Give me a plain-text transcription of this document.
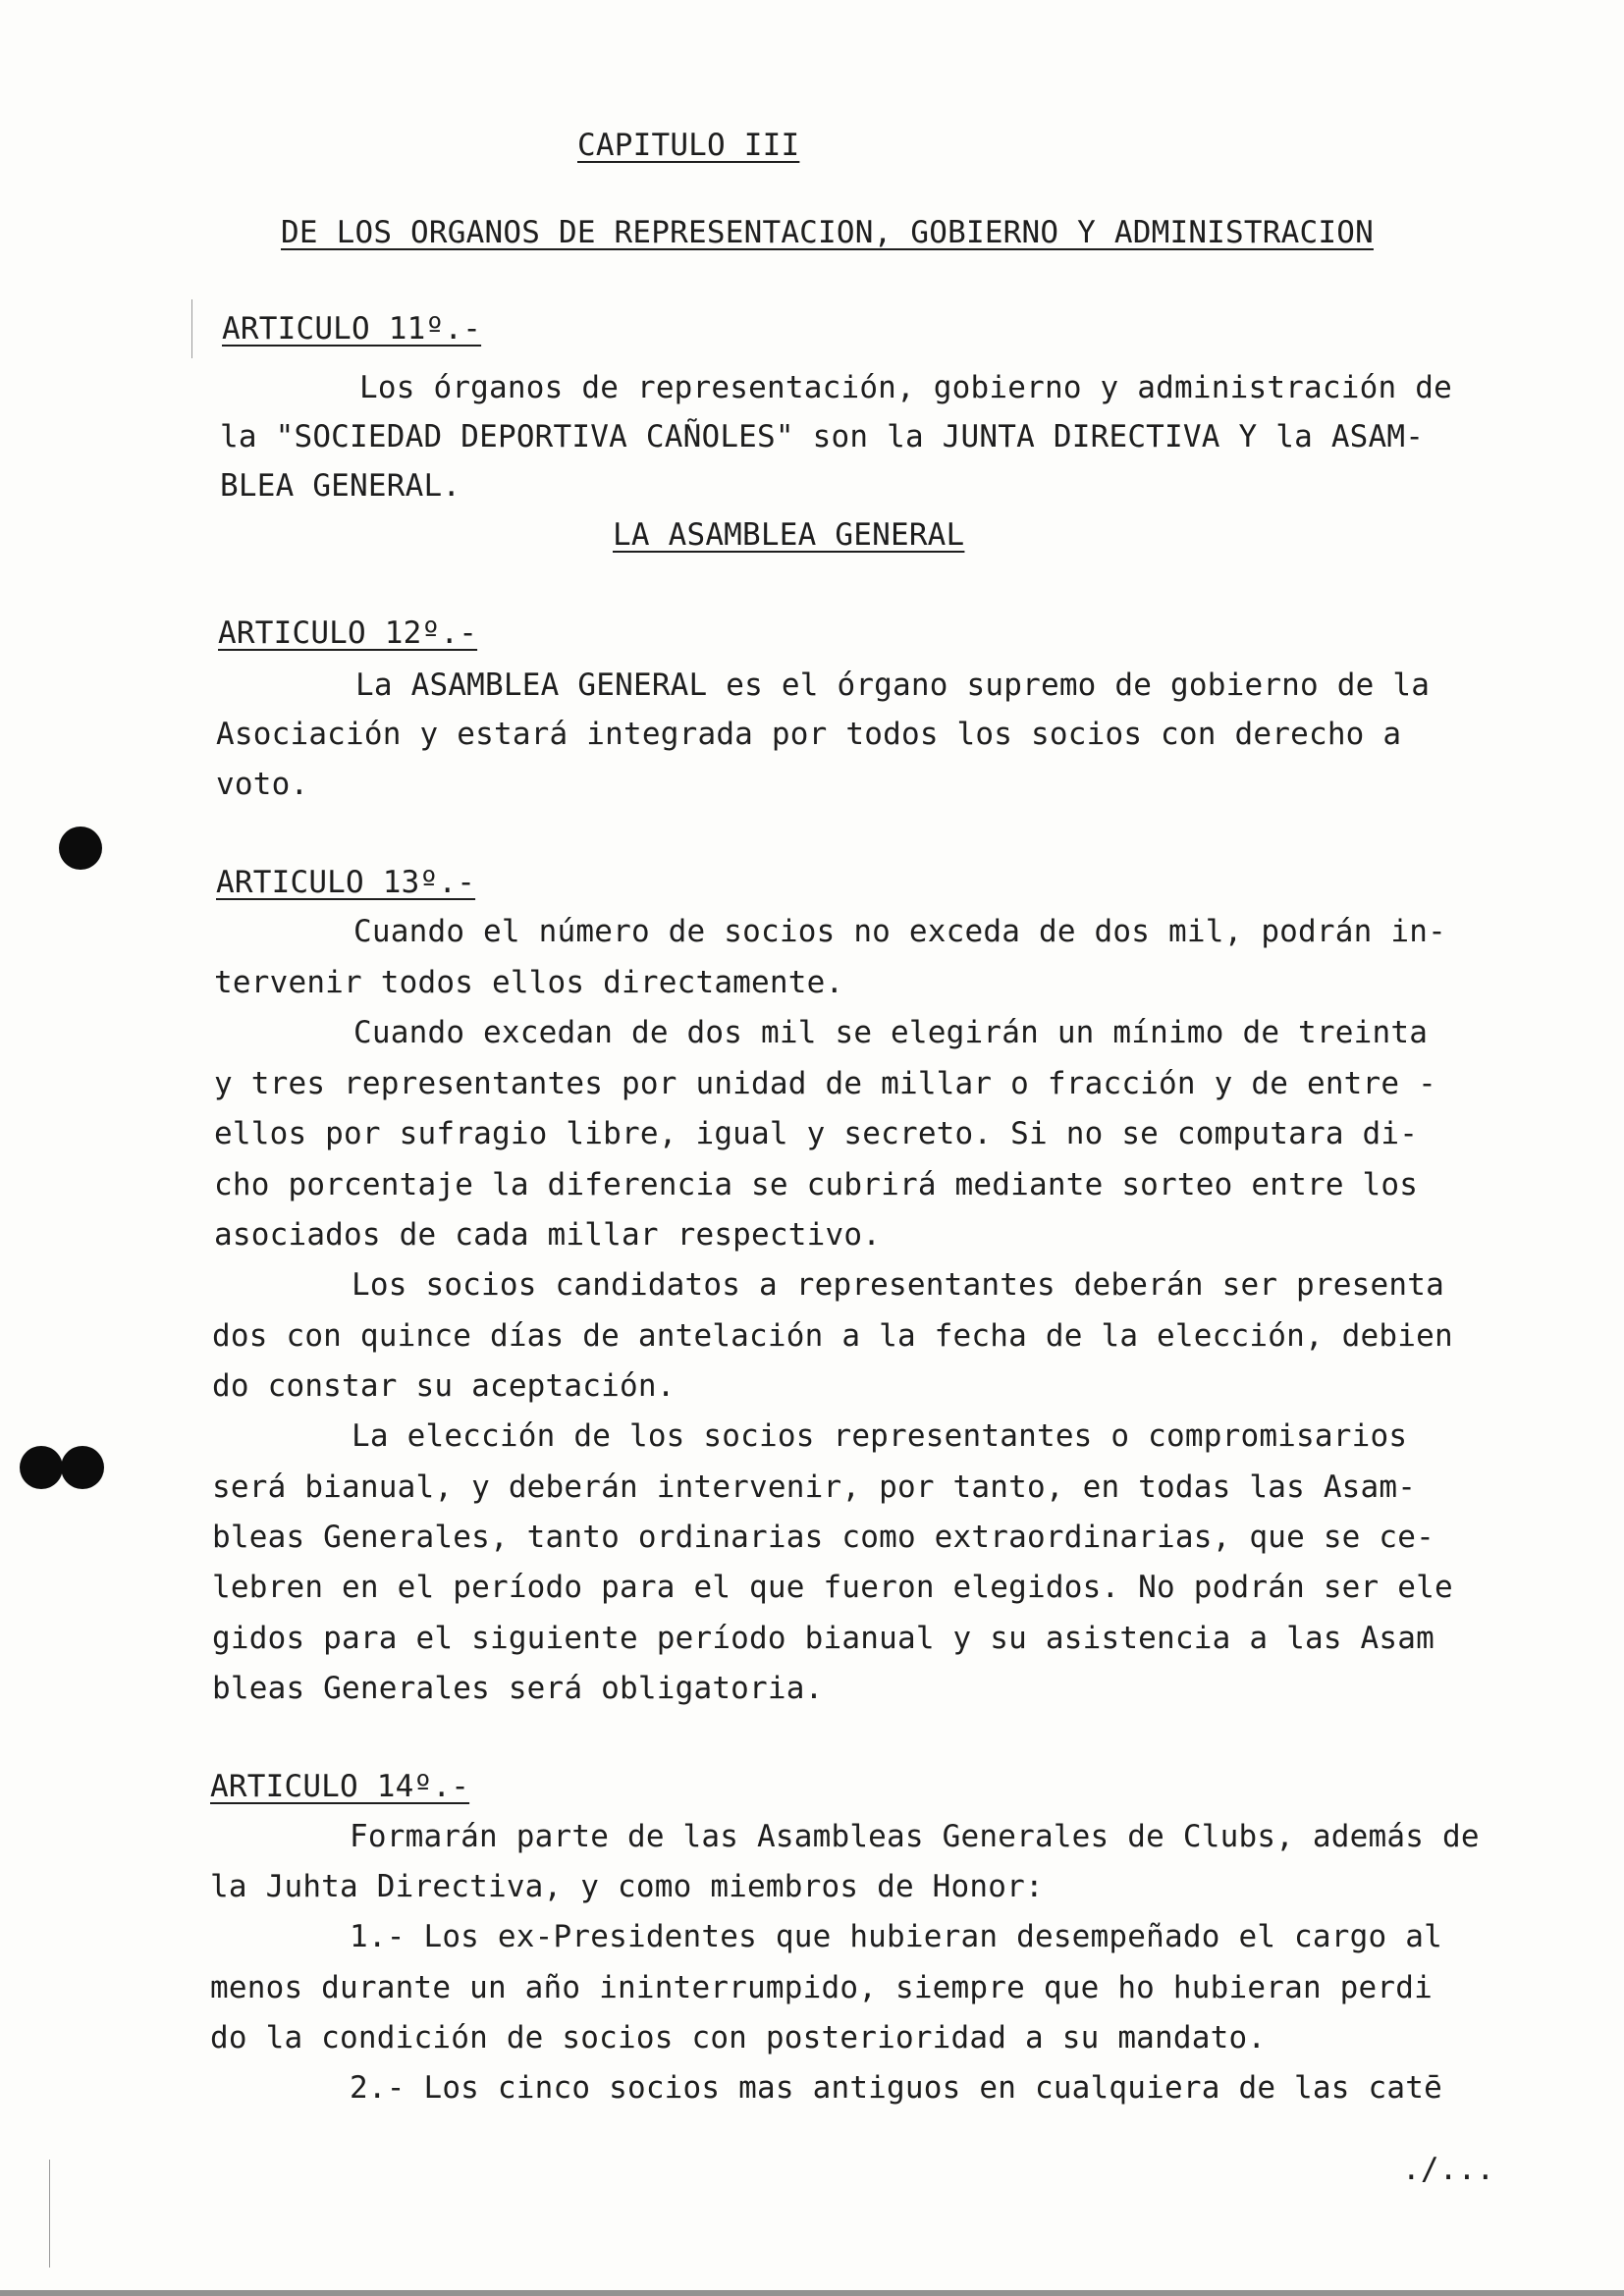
CAPITULO III
DE LOS ORGANOS DE REPRESENTACION, GOBIERNO Y ADMINISTRACION
ARTICULO 11º.-
Los órganos de representación, gobierno y administración de
la "SOCIEDAD DEPORTIVA CAÑOLES" son la JUNTA DIRECTIVA Y la ASAM-
BLEA GENERAL.
LA ASAMBLEA GENERAL
ARTICULO 12º.-
La ASAMBLEA GENERAL es el órgano supremo de gobierno de la
Asociación y estará integrada por todos los socios con derecho a
voto.
ARTICULO 13º.-
Cuando el número de socios no exceda de dos mil, podrán in-
tervenir todos ellos directamente.
Cuando excedan de dos mil se elegirán un mínimo de treinta
y tres representantes por unidad de millar o fracción y de entre -
ellos por sufragio libre, igual y secreto. Si no se computara di-
cho porcentaje la diferencia se cubrirá mediante sorteo entre los
asociados de cada millar respectivo.
Los socios candidatos a representantes deberán ser presenta
dos con quince días de antelación a la fecha de la elección, debien
do constar su aceptación.
La elección de los socios representantes o compromisarios
será bianual, y deberán intervenir, por tanto, en todas las Asam-
bleas Generales, tanto ordinarias como extraordinarias, que se ce-
lebren en el período para el que fueron elegidos. No podrán ser ele
gidos para el siguiente período bianual y su asistencia a las Asam
bleas Generales será obligatoria.
ARTICULO 14º.-
Formarán parte de las Asambleas Generales de Clubs, además de
la Juhta Directiva, y como miembros de Honor:
1.- Los ex-Presidentes que hubieran desempeñado el cargo al
menos durante un año ininterrumpido, siempre que ho hubieran perdi
do la condición de socios con posterioridad a su mandato.
2.- Los cinco socios mas antiguos en cualquiera de las catē
./...
